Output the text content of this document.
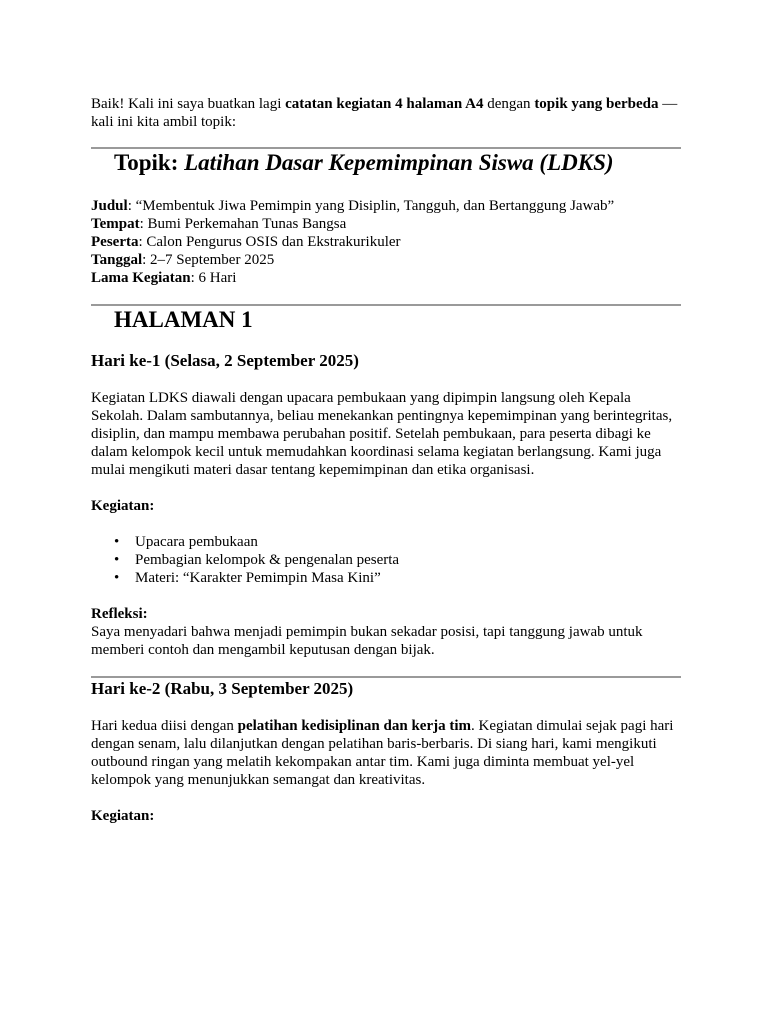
Baik! Kali ini saya buatkan lagi catatan kegiatan 4 halaman A4 dengan topik yang berbeda — kali ini kita ambil topik:

Topik: Latihan Dasar Kepemimpinan Siswa (LDKS)

Judul: “Membentuk Jiwa Pemimpin yang Disiplin, Tangguh, dan Bertanggung Jawab”

Tempat: Bumi Perkemahan Tunas Bangsa

Peserta: Calon Pengurus OSIS dan Ekstrakurikuler

Tanggal: 2–7 September 2025

Lama Kegiatan: 6 Hari

HALAMAN 1
Hari ke-1 (Selasa, 2 September 2025)

Kegiatan LDKS diawali dengan upacara pembukaan yang dipimpin langsung oleh Kepala Sekolah. Dalam sambutannya, beliau menekankan pentingnya kepemimpinan yang berintegritas, disiplin, dan mampu membawa perubahan positif. Setelah pembukaan, para peserta dibagi ke dalam kelompok kecil untuk memudahkan koordinasi selama kegiatan berlangsung. Kami juga mulai mengikuti materi dasar tentang kepemimpinan dan etika organisasi.

Kegiatan:

• Upacara pembukaan
• Pembagian kelompok & pengenalan peserta
• Materi: “Karakter Pemimpin Masa Kini”

Refleksi:

Saya menyadari bahwa menjadi pemimpin bukan sekadar posisi, tapi tanggung jawab untuk memberi contoh dan mengambil keputusan dengan bijak.

Hari ke-2 (Rabu, 3 September 2025)

Hari kedua diisi dengan pelatihan kedisiplinan dan kerja tim. Kegiatan dimulai sejak pagi hari dengan senam, lalu dilanjutkan dengan pelatihan baris-berbaris. Di siang hari, kami mengikuti outbound ringan yang melatih kekompakan antar tim. Kami juga diminta membuat yel-yel kelompok yang menunjukkan semangat dan kreativitas.

Kegiatan:
